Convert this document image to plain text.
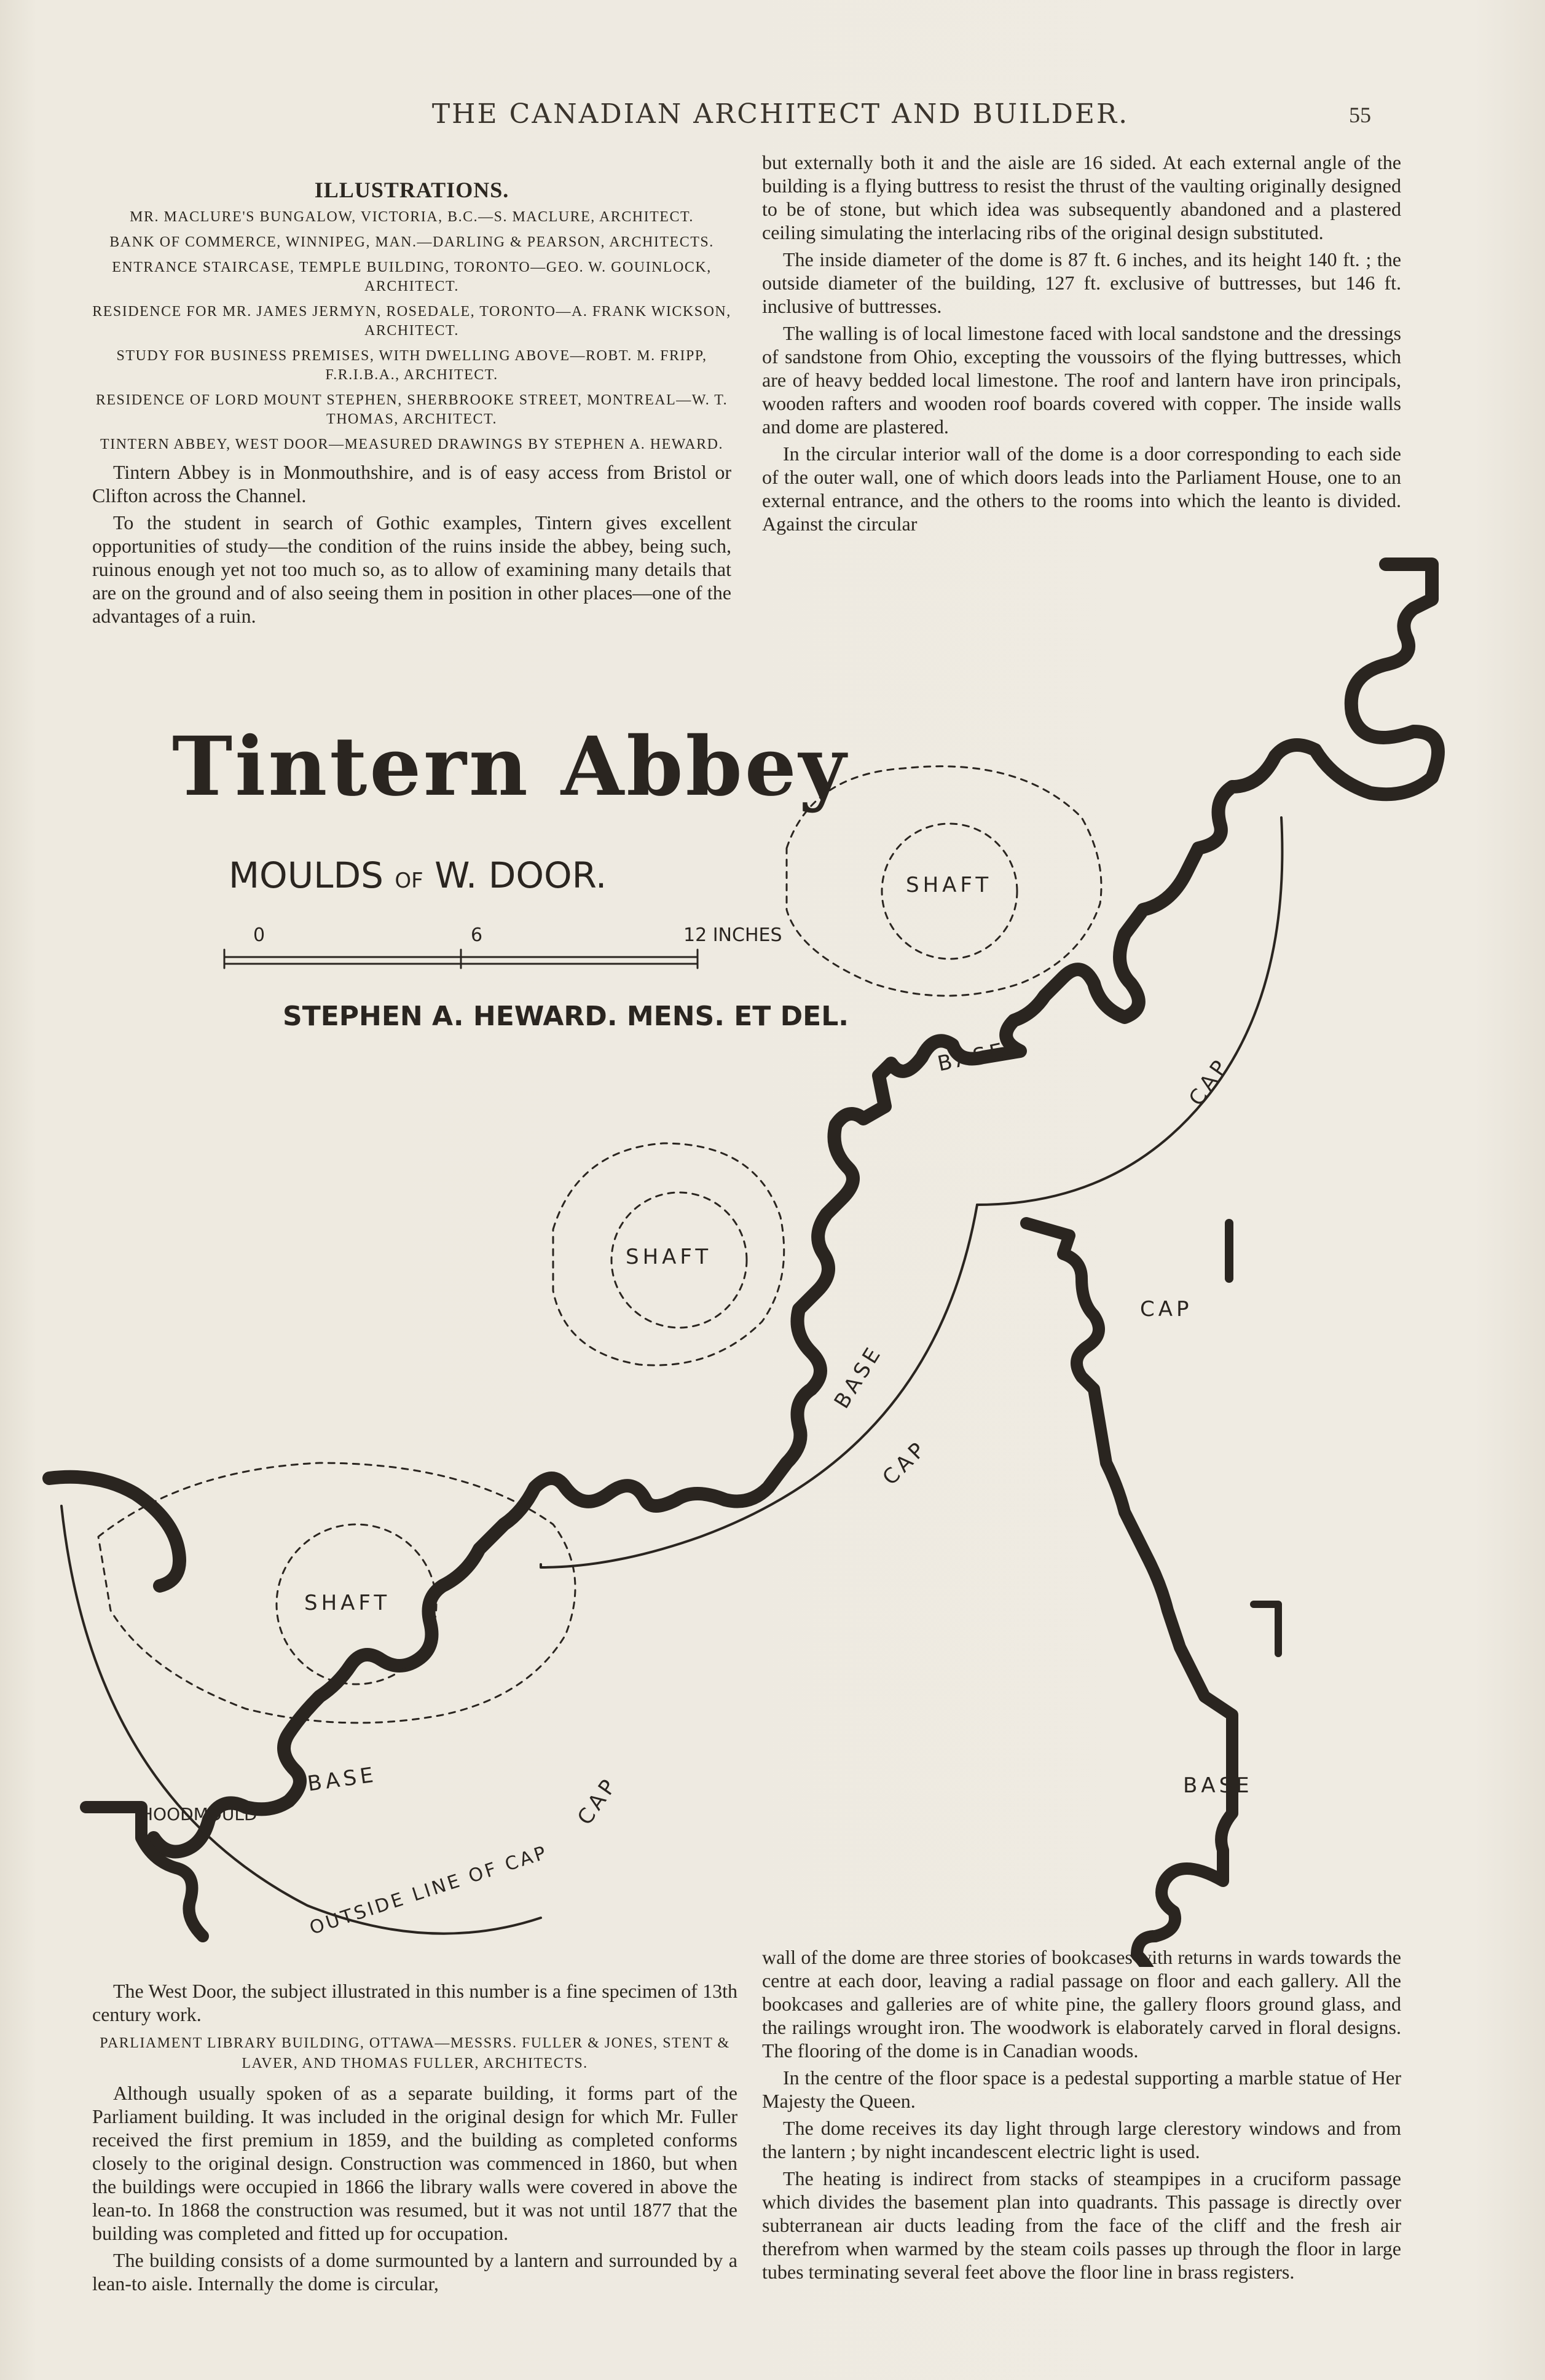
THE CANADIAN ARCHITECT AND BUILDER.	55
ILLUSTRATIONS.
MR. MACLURE'S BUNGALOW, VICTORIA, B.C.—S. MACLURE, ARCHITECT.
BANK OF COMMERCE, WINNIPEG, MAN.—DARLING & PEARSON, ARCHITECTS.
ENTRANCE STAIRCASE, TEMPLE BUILDING, TORONTO—GEO. W. GOUINLOCK, ARCHITECT.
RESIDENCE FOR MR. JAMES JERMYN, ROSEDALE, TORONTO—A. FRANK WICKSON, ARCHITECT.
STUDY FOR BUSINESS PREMISES, WITH DWELLING ABOVE—ROBT. M. FRIPP, F.R.I.B.A., ARCHITECT.
RESIDENCE OF LORD MOUNT STEPHEN, SHERBROOKE STREET, MONTREAL—W. T. THOMAS, ARCHITECT.
TINTERN ABBEY, WEST DOOR—MEASURED DRAWINGS BY STEPHEN A. HEWARD.

Tintern Abbey is in Monmouthshire, and is of easy access from Bristol or Clifton across the Channel.

To the student in search of Gothic examples, Tintern gives excellent opportunities of study—the condition of the ruins inside the abbey, being such, ruinous enough yet not too much so, as to allow of examining many details that are on the ground and of also seeing them in position in other places—one of the advantages of a ruin.

but externally both it and the aisle are 16 sided. At each external angle of the building is a flying buttress to resist the thrust of the vaulting originally designed to be of stone, but which idea was subsequently abandoned and a plastered ceiling simulating the interlacing ribs of the original design substituted.

The inside diameter of the dome is 87 ft. 6 inches, and its height 140 ft. ; the outside diameter of the building, 127 ft. exclusive of buttresses, but 146 ft. inclusive of buttresses.

The walling is of local limestone faced with local sandstone and the dressings of sandstone from Ohio, excepting the voussoirs of the flying buttresses, which are of heavy bedded local limestone. The roof and lantern have iron principals, wooden rafters and wooden roof boards covered with copper. The inside walls and dome are plastered.

In the circular interior wall of the dome is a door corresponding to each side of the outer wall, one of which doors leads into the Parliament House, one to an external entrance, and the others to the rooms into which the leanto is divided. Against the circular

Tintern Abbey
MOULDS OF W. DOOR.
0	6	12 INCHES
STEPHEN A. HEWARD. MENS. ET DEL.
SHAFT
SHAFT
SHAFT
BASE
BASE
BASE	BASE
CAP
CAP
CAP
CAP
HOODMOULD
OUTSIDE LINE OF CAP

The West Door, the subject illustrated in this number is a fine specimen of 13th century work.

PARLIAMENT LIBRARY BUILDING, OTTAWA—MESSRS. FULLER & JONES, STENT & LAVER, AND THOMAS FULLER, ARCHITECTS.

Although usually spoken of as a separate building, it forms part of the Parliament building. It was included in the original design for which Mr. Fuller received the first premium in 1859, and the building as completed conforms closely to the original design. Construction was commenced in 1860, but when the buildings were occupied in 1866 the library walls were covered in above the lean-to. In 1868 the construction was resumed, but it was not until 1877 that the building was completed and fitted up for occupation.

The building consists of a dome surmounted by a lantern and surrounded by a lean-to aisle. Internally the dome is circular,

wall of the dome are three stories of bookcases with returns in wards towards the centre at each door, leaving a radial passage on floor and each gallery. All the bookcases and galleries are of white pine, the gallery floors ground glass, and the railings wrought iron. The woodwork is elaborately carved in floral designs. The flooring of the dome is in Canadian woods.

In the centre of the floor space is a pedestal supporting a marble statue of Her Majesty the Queen.

The dome receives its day light through large clerestory windows and from the lantern ; by night incandescent electric light is used.

The heating is indirect from stacks of steampipes in a cruciform passage which divides the basement plan into quadrants. This passage is directly over subterranean air ducts leading from the face of the cliff and the fresh air therefrom when warmed by the steam coils passes up through the floor in large tubes terminating several feet above the floor line in brass registers.
